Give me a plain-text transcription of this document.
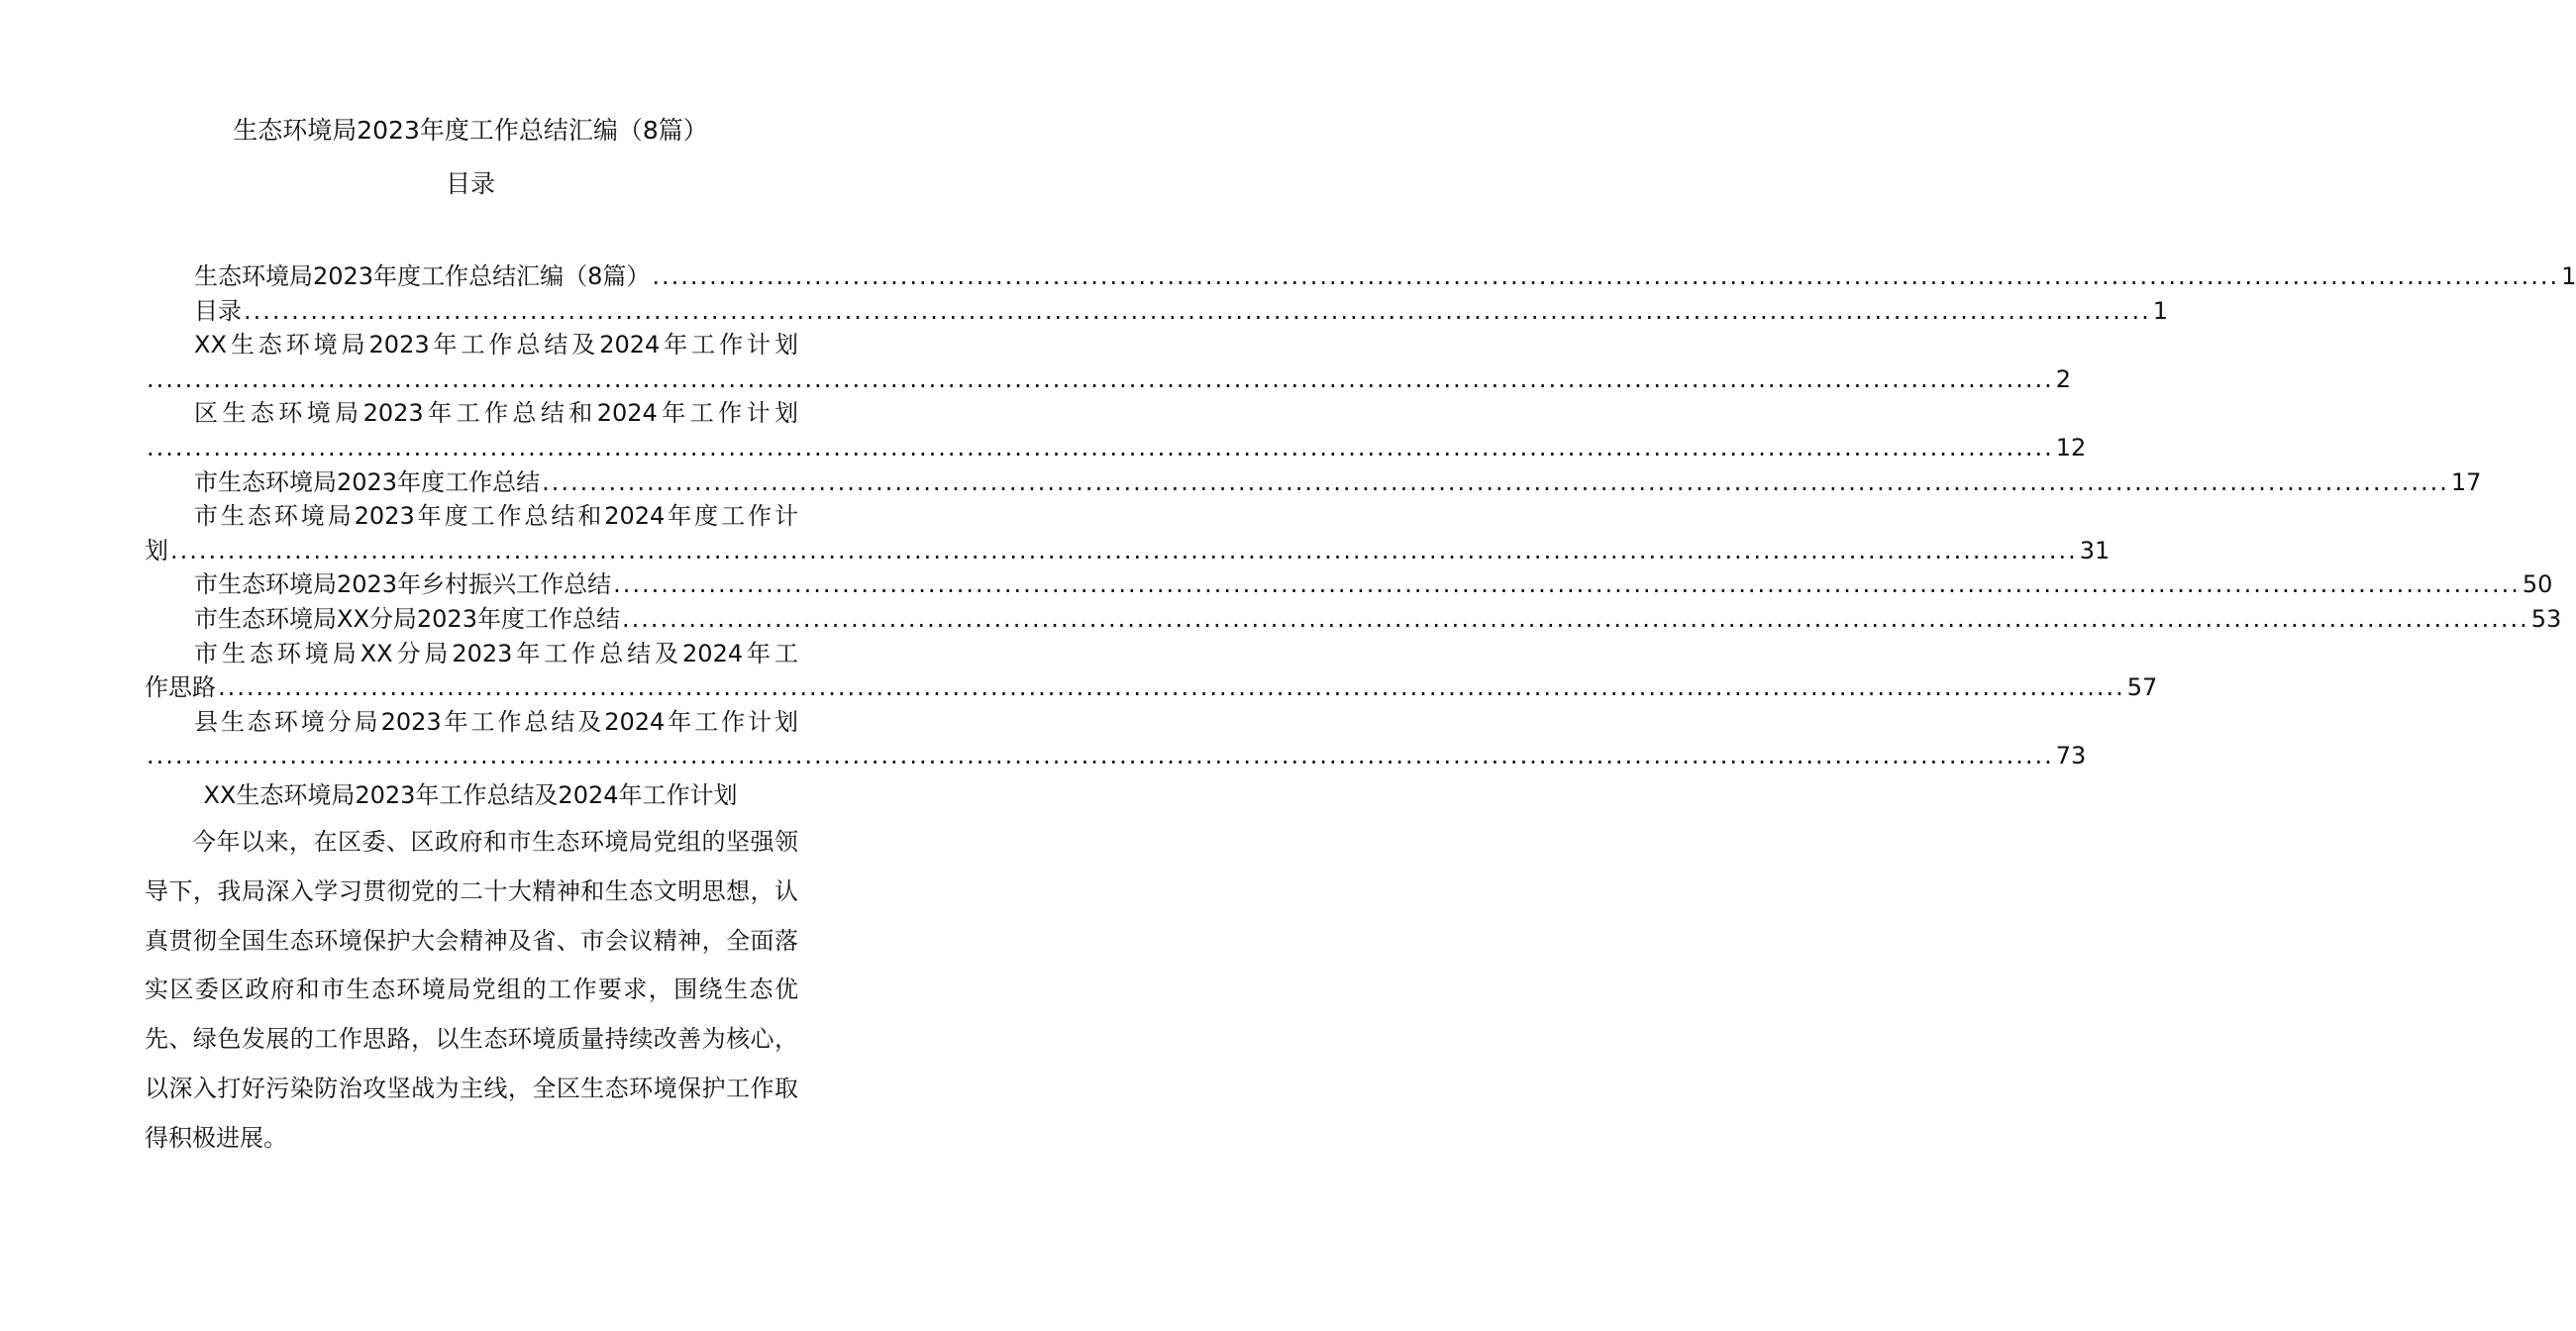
生态环境局2023年度工作总结汇编（8篇）
目录
生态环境局2023年度工作总结汇编（8篇） ........................................................................................................................................................................................................ 1
目录 ........................................................................................................................................................................................................ 1
XX生态环境局2023年工作总结及2024年工作计划
........................................................................................................................................................................................................ 2
区生态环境局2023年工作总结和2024年工作计划
........................................................................................................................................................................................................ 12
市生态环境局2023年度工作总结 ........................................................................................................................................................................................................ 17
市生态环境局2023年度工作总结和2024年度工作计
划 ........................................................................................................................................................................................................ 31
市生态环境局2023年乡村振兴工作总结 ........................................................................................................................................................................................................ 50
市生态环境局XX分局2023年度工作总结 ........................................................................................................................................................................................................ 53
市生态环境局XX分局2023年工作总结及2024年工
作思路 ........................................................................................................................................................................................................ 57
县生态环境分局2023年工作总结及2024年工作计划
........................................................................................................................................................................................................ 73
XX生态环境局2023年工作总结及2024年工作计划
今年以来，在区委、区政府和市生态环境局党组的坚强领导下，我局深入学习贯彻党的二十大精神和生态文明思想，认真贯彻全国生态环境保护大会精神及省、市会议精神，全面落实区委区政府和市生态环境局党组的工作要求，围绕生态优先、绿色发展的工作思路，以生态环境质量持续改善为核心，以深入打好污染防治攻坚战为主线，全区生态环境保护工作取得积极进展。
